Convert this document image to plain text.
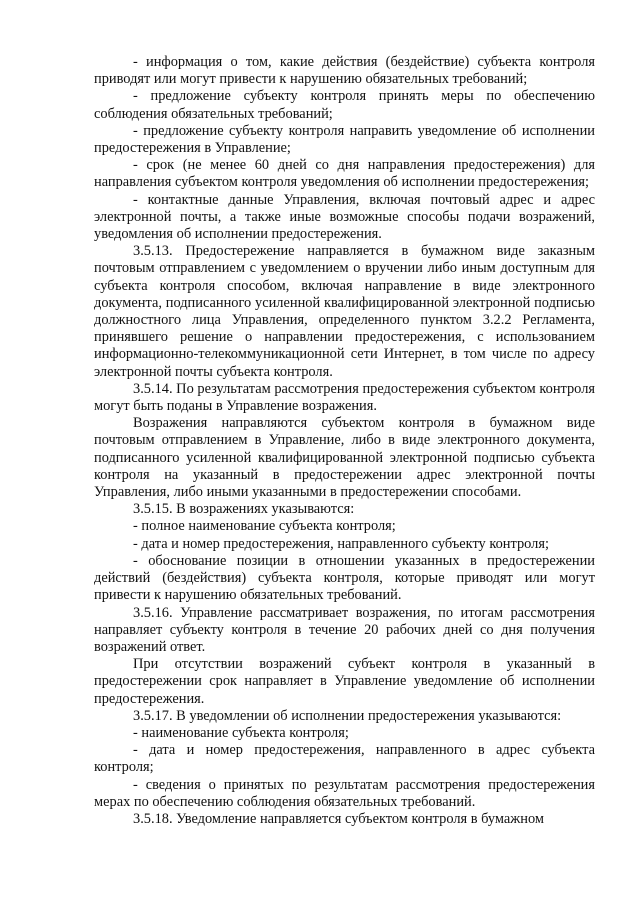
- информация о том, какие действия (бездействие) субъекта контроля приводят или могут привести к нарушению обязательных требований;

- предложение субъекту контроля принять меры по обеспечению соблюдения обязательных требований;

- предложение субъекту контроля направить уведомление об исполнении предостережения в Управление;

- срок (не менее 60 дней со дня направления предостережения) для направления субъектом контроля уведомления об исполнении предостережения;

- контактные данные Управления, включая почтовый адрес и адрес электронной почты, а также иные возможные способы подачи возражений, уведомления об исполнении предостережения.

3.5.13. Предостережение направляется в бумажном виде заказным почтовым отправлением с уведомлением о вручении либо иным доступным для субъекта контроля способом, включая направление в виде электронного документа, подписанного усиленной квалифицированной электронной подписью должностного лица Управления, определенного пунктом 3.2.2 Регламента, принявшего решение о направлении предостережения, с использованием информационно-телекоммуникационной сети Интернет, в том числе по адресу электронной почты субъекта контроля.

3.5.14. По результатам рассмотрения предостережения субъектом контроля могут быть поданы в Управление возражения.

Возражения направляются субъектом контроля в бумажном виде почтовым отправлением в Управление, либо в виде электронного документа, подписанного усиленной квалифицированной электронной подписью субъекта контроля на указанный в предостережении адрес электронной почты Управления, либо иными указанными в предостережении способами.

3.5.15. В возражениях указываются:

- полное наименование субъекта контроля;

- дата и номер предостережения, направленного субъекту контроля;

- обоснование позиции в отношении указанных в предостережении действий (бездействия) субъекта контроля, которые приводят или могут привести к нарушению обязательных требований.

3.5.16. Управление рассматривает возражения, по итогам рассмотрения направляет субъекту контроля в течение 20 рабочих дней со дня получения возражений ответ.

При отсутствии возражений субъект контроля в указанный в предостережении срок направляет в Управление уведомление об исполнении предостережения.

3.5.17. В уведомлении об исполнении предостережения указываются:

- наименование субъекта контроля;

- дата и номер предостережения, направленного в адрес субъекта контроля;

- сведения о принятых по результатам рассмотрения предостережения мерах по обеспечению соблюдения обязательных требований.

3.5.18. Уведомление направляется субъектом контроля в бумажном
